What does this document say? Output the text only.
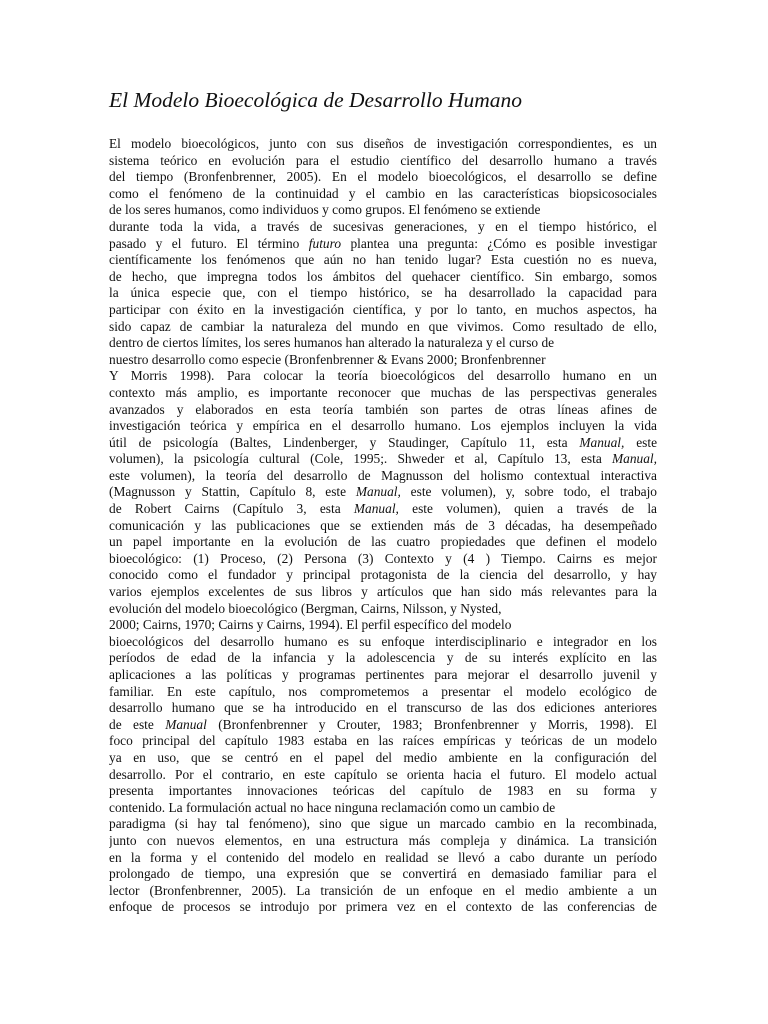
El Modelo Bioecológica de Desarrollo Humano
El modelo bioecológicos, junto con sus diseños de investigación correspondientes, es un
sistema teórico en evolución para el estudio científico del desarrollo humano a través
del tiempo (Bronfenbrenner, 2005). En el modelo bioecológicos, el desarrollo se define
como el fenómeno de la continuidad y el cambio en las características biopsicosociales
de los seres humanos, como individuos y como grupos. El fenómeno se extiende
durante toda la vida, a través de sucesivas generaciones, y en el tiempo histórico, el
pasado y el futuro. El término futuro plantea una pregunta: ¿Cómo es posible investigar
científicamente los fenómenos que aún no han tenido lugar? Esta cuestión no es nueva,
de hecho, que impregna todos los ámbitos del quehacer científico. Sin embargo, somos
la única especie que, con el tiempo histórico, se ha desarrollado la capacidad para
participar con éxito en la investigación científica, y por lo tanto, en muchos aspectos, ha
sido capaz de cambiar la naturaleza del mundo en que vivimos. Como resultado de ello,
dentro de ciertos límites, los seres humanos han alterado la naturaleza y el curso de
nuestro desarrollo como especie (Bronfenbrenner & Evans 2000; Bronfenbrenner
Y Morris 1998). Para colocar la teoría bioecológicos del desarrollo humano en un
contexto más amplio, es importante reconocer que muchas de las perspectivas generales
avanzados y elaborados en esta teoría también son partes de otras líneas afines de
investigación teórica y empírica en el desarrollo humano. Los ejemplos incluyen la vida
útil de psicología (Baltes, Lindenberger, y Staudinger, Capítulo 11, esta Manual, este
volumen), la psicología cultural (Cole, 1995;. Shweder et al, Capítulo 13, esta Manual,
este volumen), la teoría del desarrollo de Magnusson del holismo contextual interactiva
(Magnusson y Stattin, Capítulo 8, este Manual, este volumen), y, sobre todo, el trabajo
de Robert Cairns (Capítulo 3, esta Manual, este volumen), quien a través de la
comunicación y las publicaciones que se extienden más de 3 décadas, ha desempeñado
un papel importante en la evolución de las cuatro propiedades que definen el modelo
bioecológico: (1) Proceso, (2) Persona (3) Contexto y (4 ) Tiempo. Cairns es mejor
conocido como el fundador y principal protagonista de la ciencia del desarrollo, y hay
varios ejemplos excelentes de sus libros y artículos que han sido más relevantes para la
evolución del modelo bioecológico (Bergman, Cairns, Nilsson, y Nysted,
2000; Cairns, 1970; Cairns y Cairns, 1994). El perfil específico del modelo
bioecológicos del desarrollo humano es su enfoque interdisciplinario e integrador en los
períodos de edad de la infancia y la adolescencia y de su interés explícito en las
aplicaciones a las políticas y programas pertinentes para mejorar el desarrollo juvenil y
familiar. En este capítulo, nos comprometemos a presentar el modelo ecológico de
desarrollo humano que se ha introducido en el transcurso de las dos ediciones anteriores
de este Manual (Bronfenbrenner y Crouter, 1983; Bronfenbrenner y Morris, 1998). El
foco principal del capítulo 1983 estaba en las raíces empíricas y teóricas de un modelo
ya en uso, que se centró en el papel del medio ambiente en la configuración del
desarrollo. Por el contrario, en este capítulo se orienta hacia el futuro. El modelo actual
presenta importantes innovaciones teóricas del capítulo de 1983 en su forma y
contenido. La formulación actual no hace ninguna reclamación como un cambio de
paradigma (si hay tal fenómeno), sino que sigue un marcado cambio en la recombinada,
junto con nuevos elementos, en una estructura más compleja y dinámica. La transición
en la forma y el contenido del modelo en realidad se llevó a cabo durante un período
prolongado de tiempo, una expresión que se convertirá en demasiado familiar para el
lector (Bronfenbrenner, 2005). La transición de un enfoque en el medio ambiente a un
enfoque de procesos se introdujo por primera vez en el contexto de las conferencias de
